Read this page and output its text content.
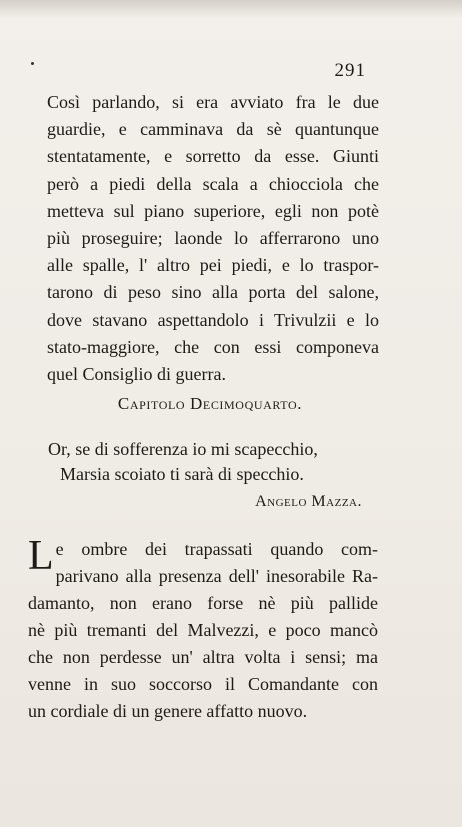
291
Così parlando, si era avviato fra le due
guardie, e camminava da sè quantunque
stentatamente, e sorretto da esse. Giunti
però a piedi della scala a chiocciola che
metteva sul piano superiore, egli non potè
più proseguire; laonde lo afferrarono uno
alle spalle, l' altro pei piedi, e lo traspor-
tarono di peso sino alla porta del salone,
dove stavano aspettandolo i Trivulzii e lo
stato-maggiore, che con essi componeva
quel Consiglio di guerra.
Capitolo Decimoquarto.
Or, se di sofferenza io mi scapecchio,
Marsia scoiato ti sarà di specchio.
Angelo Mazza.
L e ombre dei trapassati quando com-
parivano alla presenza dell' inesorabile Ra-
damanto, non erano forse nè più pallide
nè più tremanti del Malvezzi, e poco mancò
che non perdesse un' altra volta i sensi; ma
venne in suo soccorso il Comandante con
un cordiale di un genere affatto nuovo.
